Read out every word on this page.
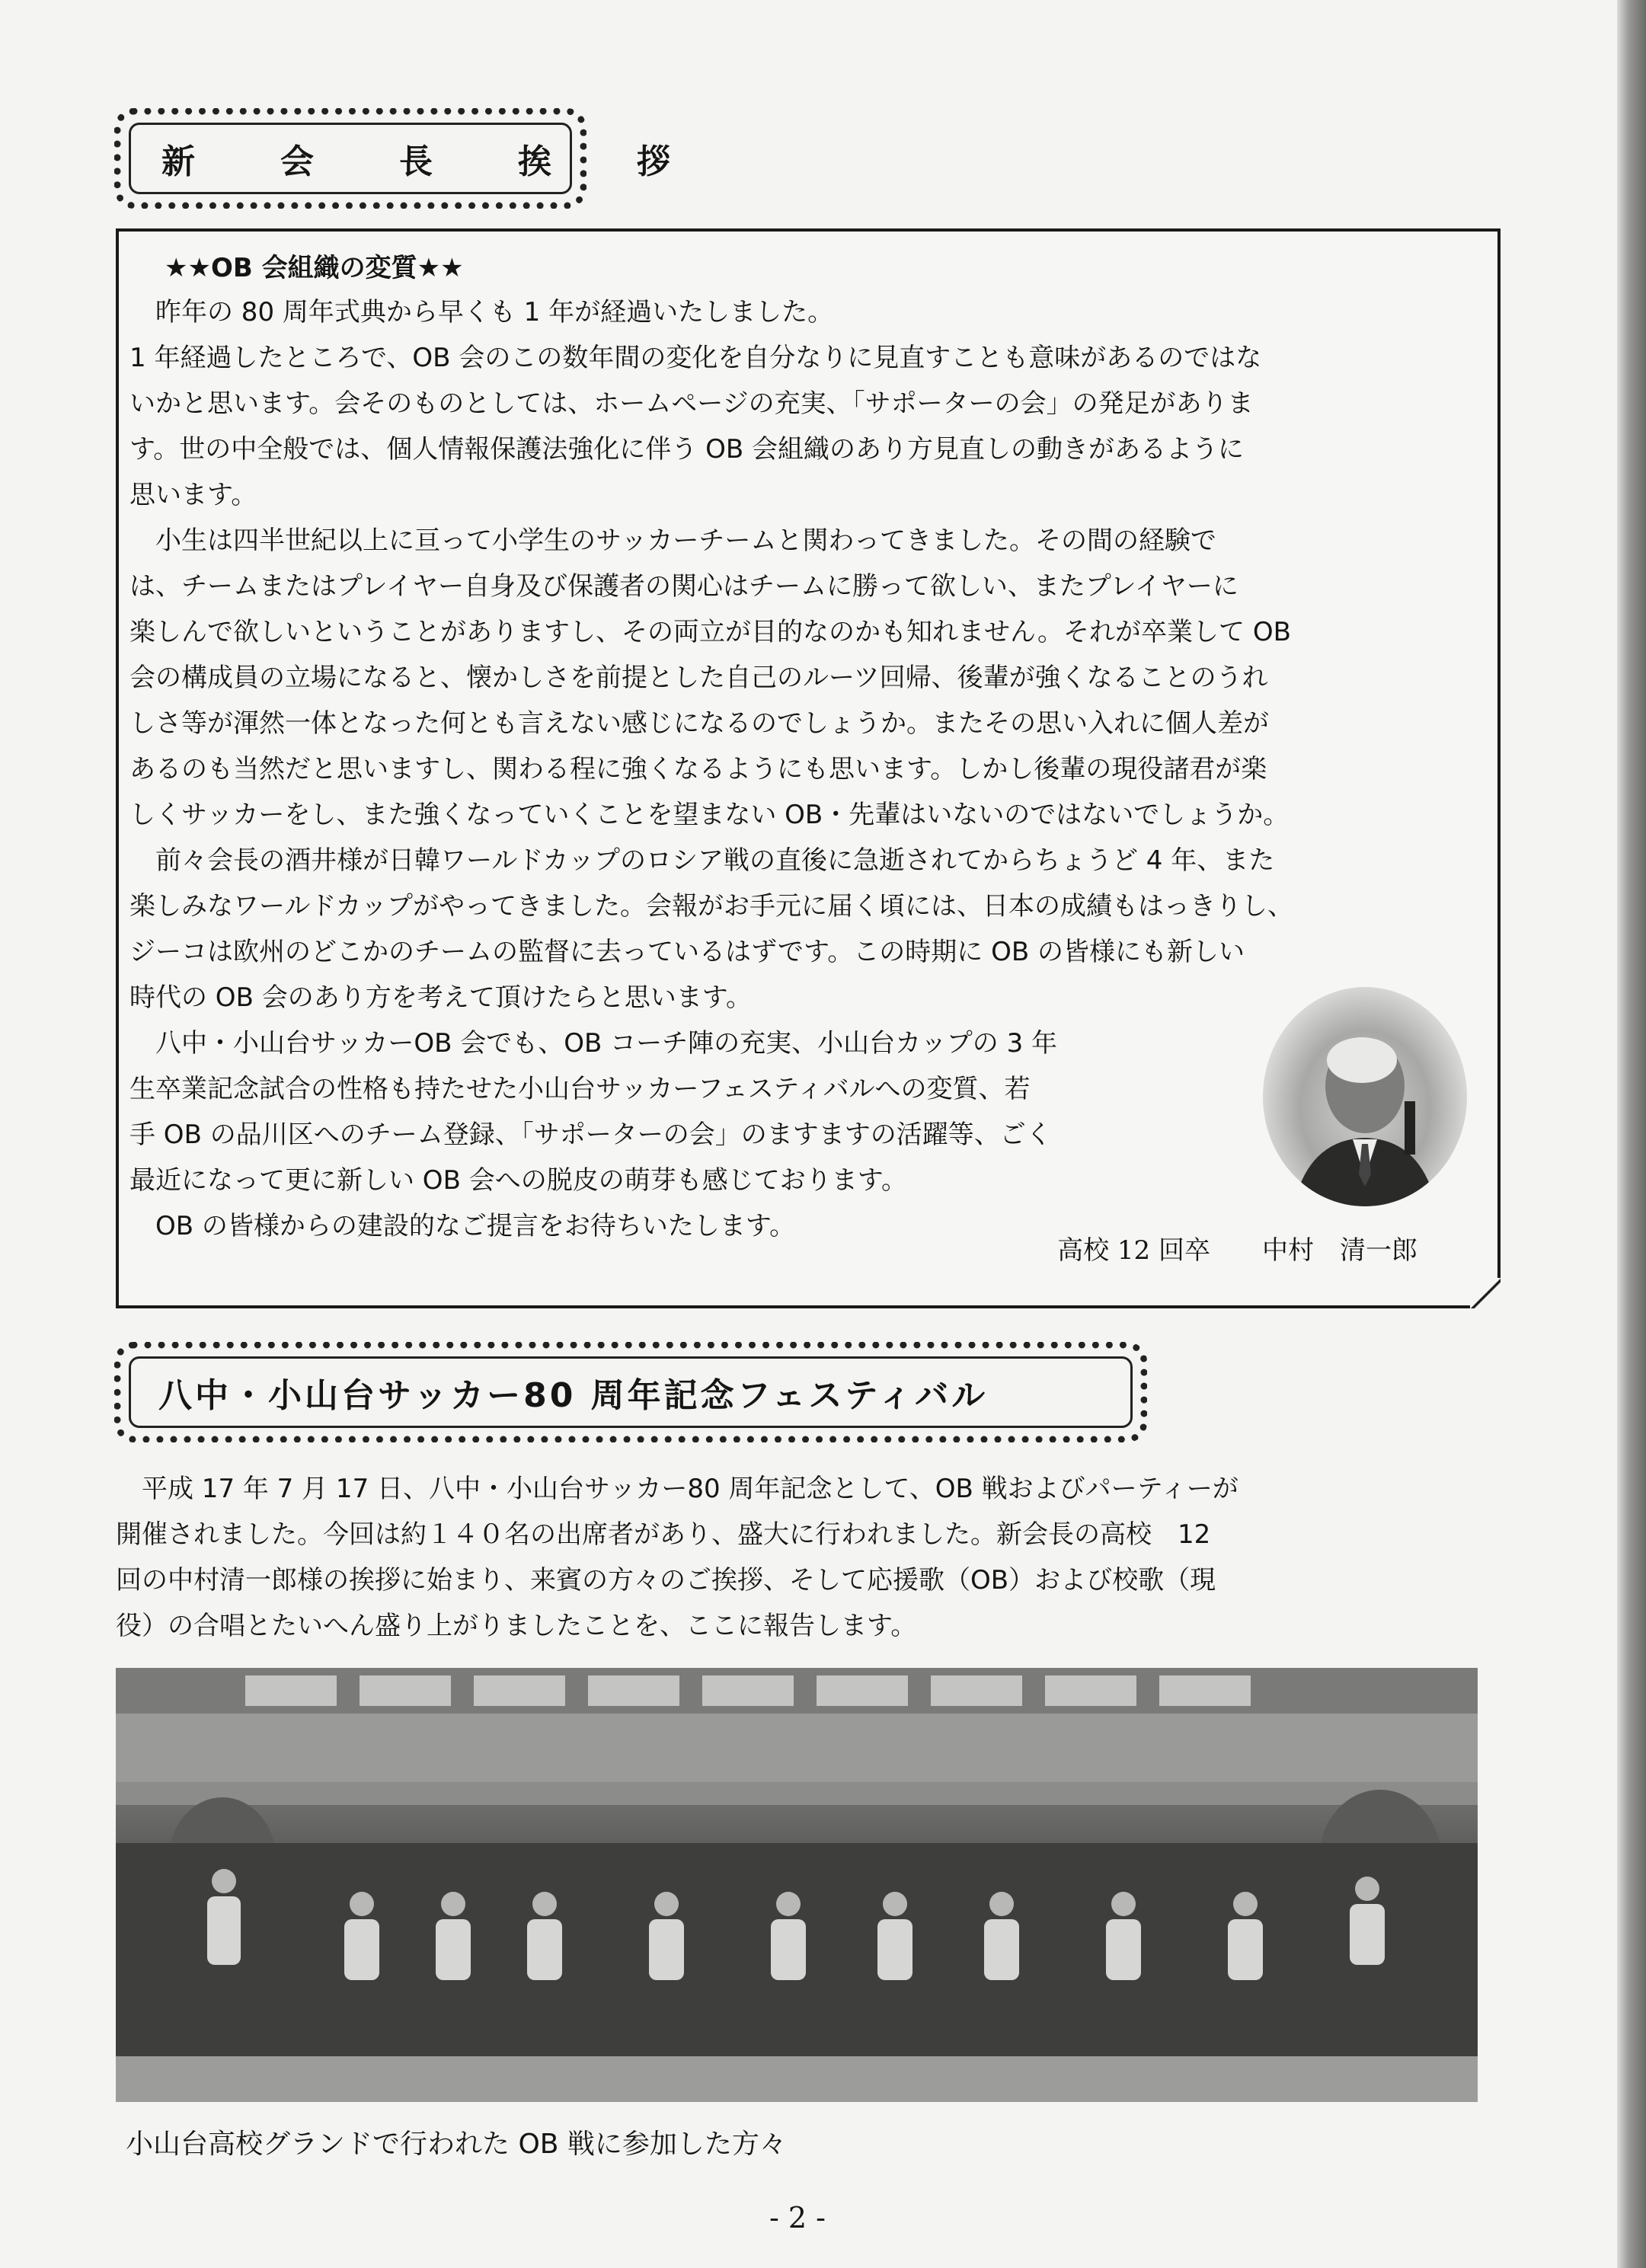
新　会　長　挨　拶
★★OB 会組織の変質★★
　昨年の 80 周年式典から早くも 1 年が経過いたしました。
1 年経過したところで、OB 会のこの数年間の変化を自分なりに見直すことも意味があるのではな
いかと思います。会そのものとしては、ホームページの充実、「サポーターの会」の発足がありま
す。世の中全般では、個人情報保護法強化に伴う OB 会組織のあり方見直しの動きがあるように
思います。
　小生は四半世紀以上に亘って小学生のサッカーチームと関わってきました。その間の経験で
は、チームまたはプレイヤー自身及び保護者の関心はチームに勝って欲しい、またプレイヤーに
楽しんで欲しいということがありますし、その両立が目的なのかも知れません。それが卒業して OB
会の構成員の立場になると、懐かしさを前提とした自己のルーツ回帰、後輩が強くなることのうれ
しさ等が渾然一体となった何とも言えない感じになるのでしょうか。またその思い入れに個人差が
あるのも当然だと思いますし、関わる程に強くなるようにも思います。しかし後輩の現役諸君が楽
しくサッカーをし、また強くなっていくことを望まない OB・先輩はいないのではないでしょうか。
　前々会長の酒井様が日韓ワールドカップのロシア戦の直後に急逝されてからちょうど 4 年、また
楽しみなワールドカップがやってきました。会報がお手元に届く頃には、日本の成績もはっきりし、
ジーコは欧州のどこかのチームの監督に去っているはずです。この時期に OB の皆様にも新しい
時代の OB 会のあり方を考えて頂けたらと思います。
　八中・小山台サッカーOB 会でも、OB コーチ陣の充実、小山台カップの 3 年
生卒業記念試合の性格も持たせた小山台サッカーフェスティバルへの変質、若
手 OB の品川区へのチーム登録、「サポーターの会」のますますの活躍等、ごく
最近になって更に新しい OB 会への脱皮の萌芽も感じております。
　OB の皆様からの建設的なご提言をお待ちいたします。
高校 12 回卒　　中村　清一郎
八中・小山台サッカー80 周年記念フェスティバル
　平成 17 年 7 月 17 日、八中・小山台サッカー80 周年記念として、OB 戦およびパーティーが
開催されました。今回は約１４０名の出席者があり、盛大に行われました。新会長の高校　12
回の中村清一郎様の挨拶に始まり、来賓の方々のご挨拶、そして応援歌（OB）および校歌（現
役）の合唱とたいへん盛り上がりましたことを、ここに報告します。
小山台高校グランドで行われた OB 戦に参加した方々
- 2 -
